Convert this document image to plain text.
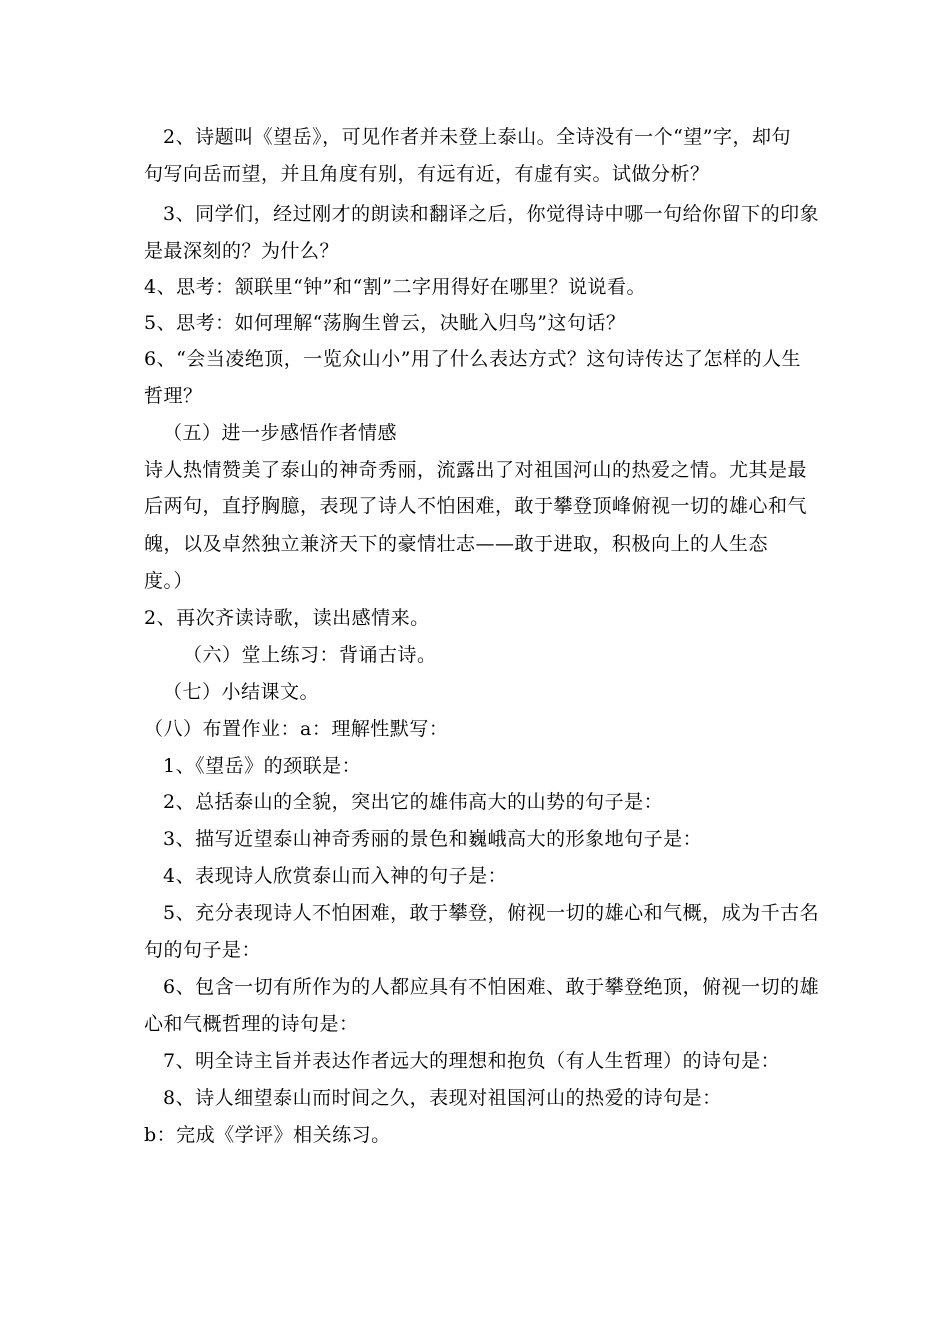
2、诗题叫《望岳》，可见作者并未登上泰山。全诗没有一个“望”字，却句
句写向岳而望，并且角度有别，有远有近，有虚有实。试做分析？
3、同学们，经过刚才的朗读和翻译之后，你觉得诗中哪一句给你留下的印象
是最深刻的？为什么？
4、思考：颔联里“钟”和“割”二字用得好在哪里？说说看。
5、思考：如何理解“荡胸生曾云，决眦入归鸟”这句话？
6、“会当凌绝顶，一览众山小”用了什么表达方式？这句诗传达了怎样的人生
哲理？
（五）进一步感悟作者情感
诗人热情赞美了泰山的神奇秀丽，流露出了对祖国河山的热爱之情。尤其是最
后两句，直抒胸臆，表现了诗人不怕困难，敢于攀登顶峰俯视一切的雄心和气
魄，以及卓然独立兼济天下的豪情壮志——敢于进取，积极向上的人生态
度。）
2、再次齐读诗歌，读出感情来。
（六）堂上练习：背诵古诗。
（七）小结课文。
（八）布置作业：a：理解性默写：
1、《望岳》的颈联是：
2、总括泰山的全貌，突出它的雄伟高大的山势的句子是：
3、描写近望泰山神奇秀丽的景色和巍峨高大的形象地句子是：
4、表现诗人欣赏泰山而入神的句子是：
5、充分表现诗人不怕困难，敢于攀登，俯视一切的雄心和气概，成为千古名
句的句子是：
6、包含一切有所作为的人都应具有不怕困难、敢于攀登绝顶，俯视一切的雄
心和气概哲理的诗句是：
7、明全诗主旨并表达作者远大的理想和抱负（有人生哲理）的诗句是：
8、诗人细望泰山而时间之久，表现对祖国河山的热爱的诗句是：
b：完成《学评》相关练习。
